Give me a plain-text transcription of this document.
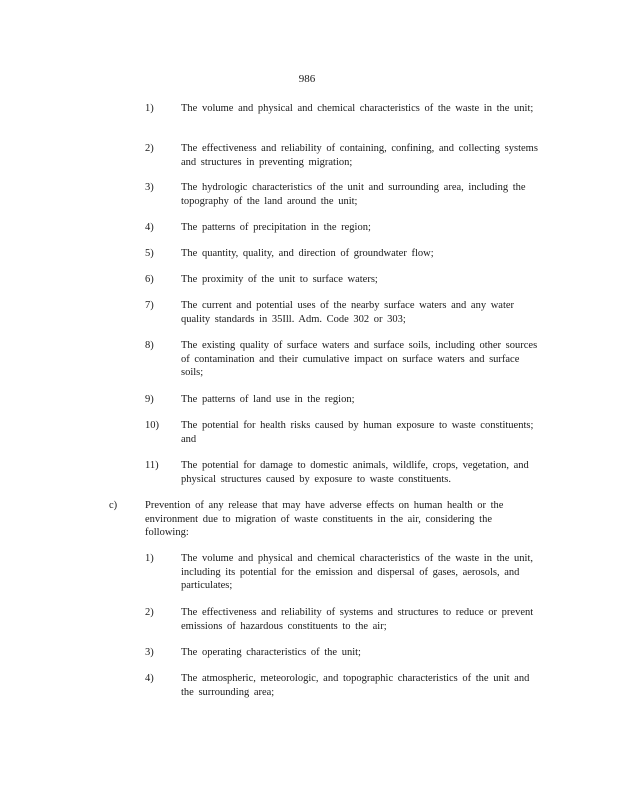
986
1)	The volume and physical and chemical characteristics of the waste in the unit;
2)	The effectiveness and reliability of containing, confining, and collecting systems and structures in preventing migration;
3)	The hydrologic characteristics of the unit and surrounding area, including the topography of the land around the unit;
4)	The patterns of precipitation in the region;
5)	The quantity, quality, and direction of groundwater flow;
6)	The proximity of the unit to surface waters;
7)	The current and potential uses of the nearby surface waters and any water quality standards in 35Ill. Adm. Code 302 or 303;
8)	The existing quality of surface waters and surface soils, including other sources of contamination and their cumulative impact on surface waters and surface soils;
9)	The patterns of land use in the region;
10) The potential for health risks caused by human exposure to waste constituents; and
11) The potential for damage to domestic animals, wildlife, crops, vegetation, and physical structures caused by exposure to waste constituents.
c)	Prevention of any release that may have adverse effects on human health or the environment due to migration of waste constituents in the air, considering the following:
1)	The volume and physical and chemical characteristics of the waste in the unit, including its potential for the emission and dispersal of gases, aerosols, and particulates;
2)	The effectiveness and reliability of systems and structures to reduce or prevent emissions of hazardous constituents to the air;
3)	The operating characteristics of the unit;
4)	The atmospheric, meteorologic, and topographic characteristics of the unit and the surrounding area;
